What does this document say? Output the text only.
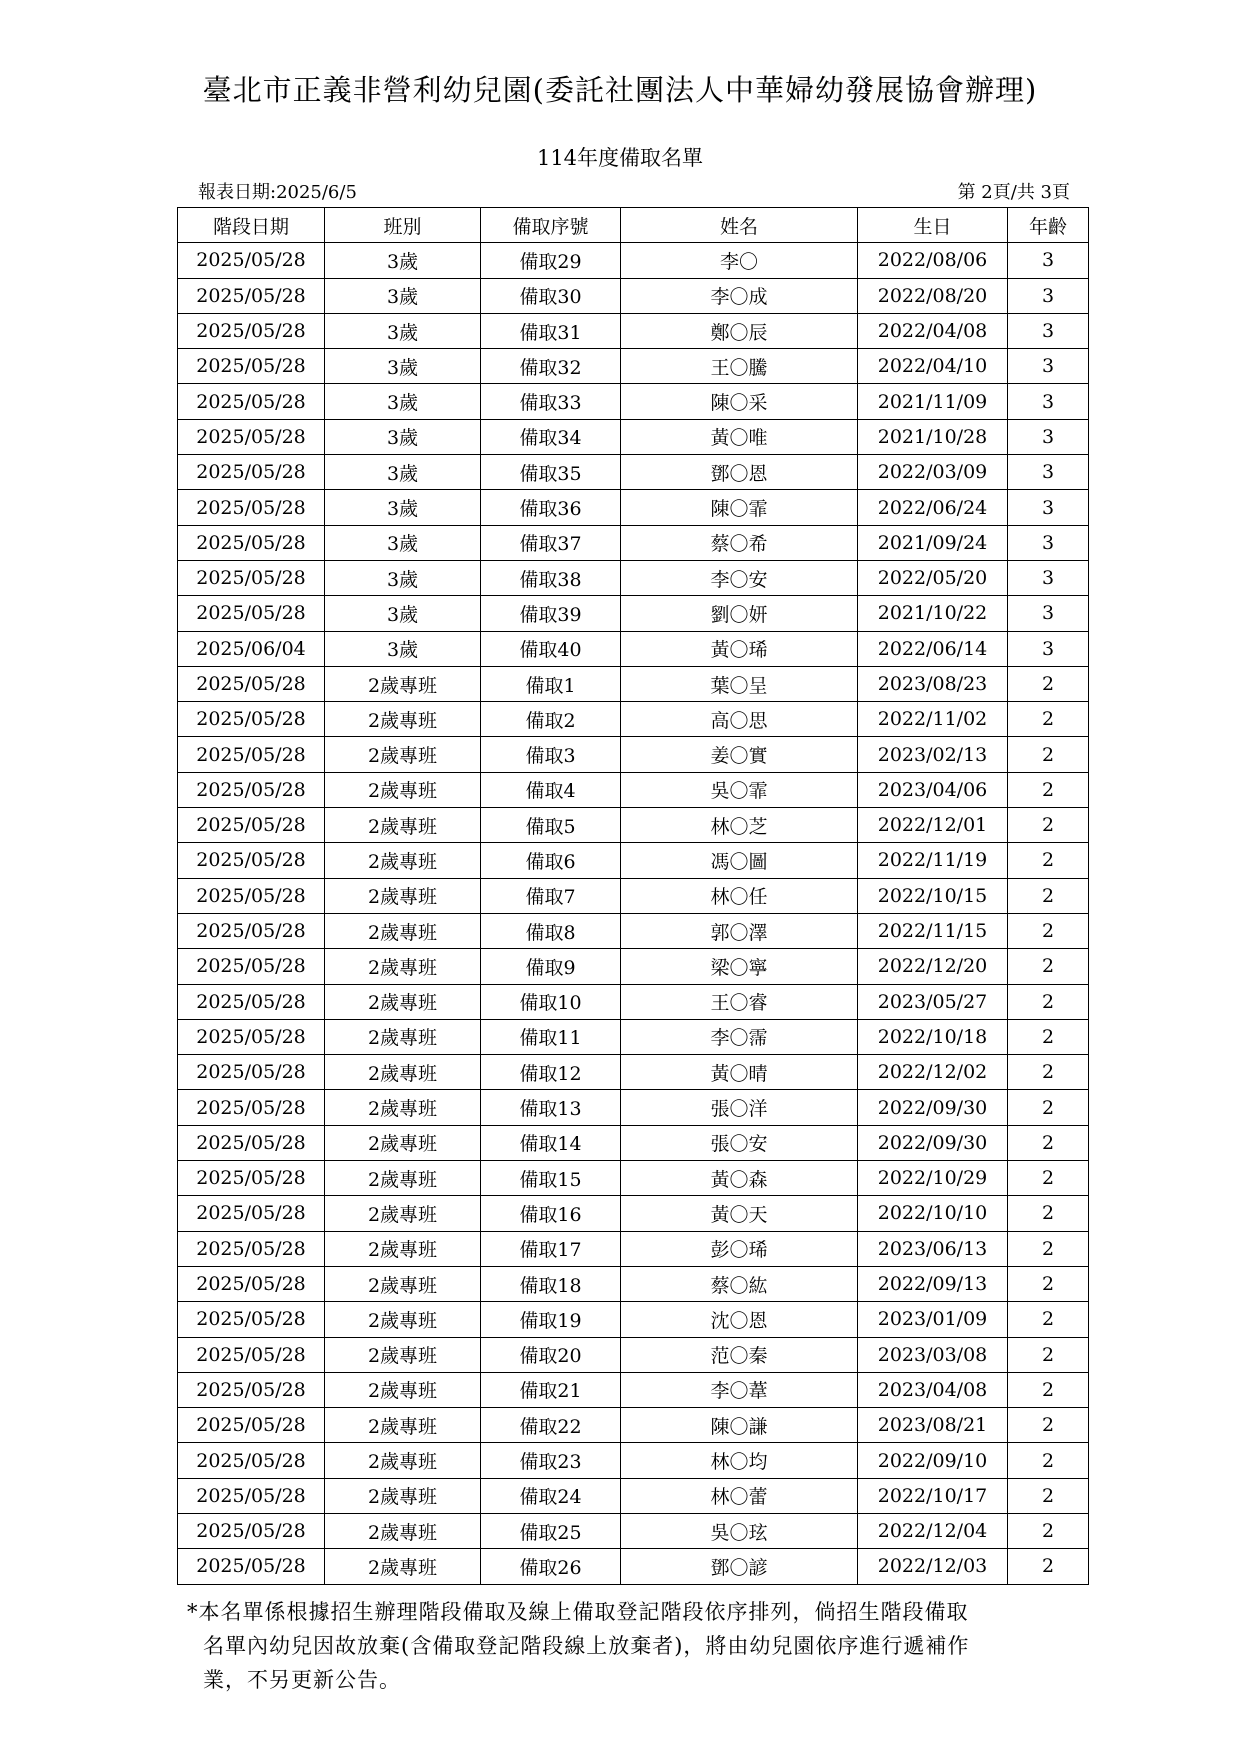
臺北市正義非營利幼兒園(委託社團法人中華婦幼發展協會辦理)
114年度備取名單
報表日期:2025/6/5	第 2頁/共 3頁
階段日期	班別	備取序號	姓名	生日	年齡
2025/05/28	3歲	備取29	李〇	2022/08/06	3
2025/05/28	3歲	備取30	李〇成	2022/08/20	3
2025/05/28	3歲	備取31	鄭〇辰	2022/04/08	3
2025/05/28	3歲	備取32	王〇騰	2022/04/10	3
2025/05/28	3歲	備取33	陳〇采	2021/11/09	3
2025/05/28	3歲	備取34	黃〇唯	2021/10/28	3
2025/05/28	3歲	備取35	鄧〇恩	2022/03/09	3
2025/05/28	3歲	備取36	陳〇霏	2022/06/24	3
2025/05/28	3歲	備取37	蔡〇希	2021/09/24	3
2025/05/28	3歲	備取38	李〇安	2022/05/20	3
2025/05/28	3歲	備取39	劉〇妍	2021/10/22	3
2025/06/04	3歲	備取40	黃〇琋	2022/06/14	3
2025/05/28	2歲專班	備取1	葉〇呈	2023/08/23	2
2025/05/28	2歲專班	備取2	高〇思	2022/11/02	2
2025/05/28	2歲專班	備取3	姜〇實	2023/02/13	2
2025/05/28	2歲專班	備取4	吳〇霏	2023/04/06	2
2025/05/28	2歲專班	備取5	林〇芝	2022/12/01	2
2025/05/28	2歲專班	備取6	馮〇圖	2022/11/19	2
2025/05/28	2歲專班	備取7	林〇任	2022/10/15	2
2025/05/28	2歲專班	備取8	郭〇澤	2022/11/15	2
2025/05/28	2歲專班	備取9	梁〇寧	2022/12/20	2
2025/05/28	2歲專班	備取10	王〇睿	2023/05/27	2
2025/05/28	2歲專班	備取11	李〇霈	2022/10/18	2
2025/05/28	2歲專班	備取12	黃〇晴	2022/12/02	2
2025/05/28	2歲專班	備取13	張〇洋	2022/09/30	2
2025/05/28	2歲專班	備取14	張〇安	2022/09/30	2
2025/05/28	2歲專班	備取15	黃〇森	2022/10/29	2
2025/05/28	2歲專班	備取16	黃〇天	2022/10/10	2
2025/05/28	2歲專班	備取17	彭〇琋	2023/06/13	2
2025/05/28	2歲專班	備取18	蔡〇紘	2022/09/13	2
2025/05/28	2歲專班	備取19	沈〇恩	2023/01/09	2
2025/05/28	2歲專班	備取20	范〇秦	2023/03/08	2
2025/05/28	2歲專班	備取21	李〇葦	2023/04/08	2
2025/05/28	2歲專班	備取22	陳〇謙	2023/08/21	2
2025/05/28	2歲專班	備取23	林〇均	2022/09/10	2
2025/05/28	2歲專班	備取24	林〇蕾	2022/10/17	2
2025/05/28	2歲專班	備取25	吳〇玹	2022/12/04	2
2025/05/28	2歲專班	備取26	鄧〇諺	2022/12/03	2
*本名單係根據招生辦理階段備取及線上備取登記階段依序排列，倘招生階段備取
名單內幼兒因故放棄(含備取登記階段線上放棄者)，將由幼兒園依序進行遞補作
業，不另更新公告。
